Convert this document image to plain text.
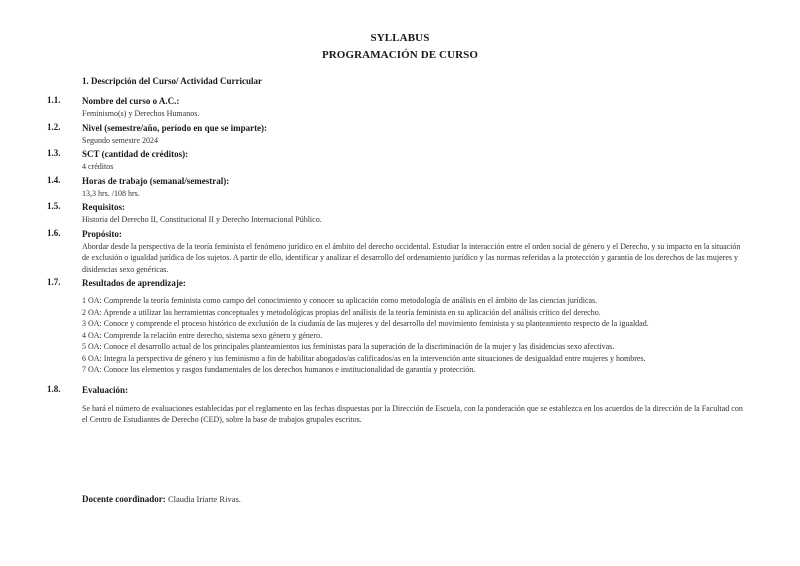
SYLLABUS
PROGRAMACIÓN DE CURSO
1. Descripción del Curso/ Actividad Curricular
1.1. Nombre del curso o A.C.:
Feminismo(s) y Derechos Humanos.
1.2. Nivel (semestre/año, período en que se imparte):
Segundo semestre 2024
1.3. SCT (cantidad de créditos):
4 créditos
1.4. Horas de trabajo (semanal/semestral):
13,3 hrs. /108 hrs.
1.5. Requisitos:
Historia del Derecho II, Constitucional II y Derecho Internacional Público.
1.6. Propósito:
Abordar desde la perspectiva de la teoría feminista el fenómeno jurídico en el ámbito del derecho occidental. Estudiar la interacción entre el orden social de género y el Derecho, y su impacto en la situación de exclusión o igualdad jurídica de los sujetos. A partir de ello, identificar y analizar el desarrollo del ordenamiento jurídico y las normas referidas a la protección y garantía de los derechos de las mujeres y disidencias sexo genéricas.
1.7. Resultados de aprendizaje:
1 OA: Comprende la teoría feminista como campo del conocimiento y conocer su aplicación como metodología de análisis en el ámbito de las ciencias jurídicas.
2 OA: Aprende a utilizar las herramientas conceptuales y metodológicas propias del análisis de la teoría feminista en su aplicación del análisis crítico del derecho.
3 OA: Conoce y comprende el proceso histórico de exclusión de la ciudanía de las mujeres y del desarrollo del movimiento feminista y su planteamiento respecto de la igualdad.
4 OA: Comprende la relación entre derecho, sistema sexo género y género.
5 OA: Conoce el desarrollo actual de los principales planteamientos ius feministas para la superación de la discriminación de la mujer y las disidencias sexo afectivas.
6 OA: Integra la perspectiva de género y ius feminismo a fin de habilitar abogados/as calificados/as en la intervención ante situaciones de desigualdad entre mujeres y hombres.
7 OA: Conoce los elementos y rasgos fundamentales de los derechos humanos e institucionalidad de garantía y protección.
1.8. Evaluación:
Se hará el número de evaluaciones establecidas por el reglamento en las fechas dispuestas por la Dirección de Escuela, con la ponderación que se establezca en los acuerdos de la dirección de la Facultad con el Centro de Estudiantes de Derecho (CED), sobre la base de trabajos grupales escritos.
Docente coordinador: Claudia Iriarte Rivas.
